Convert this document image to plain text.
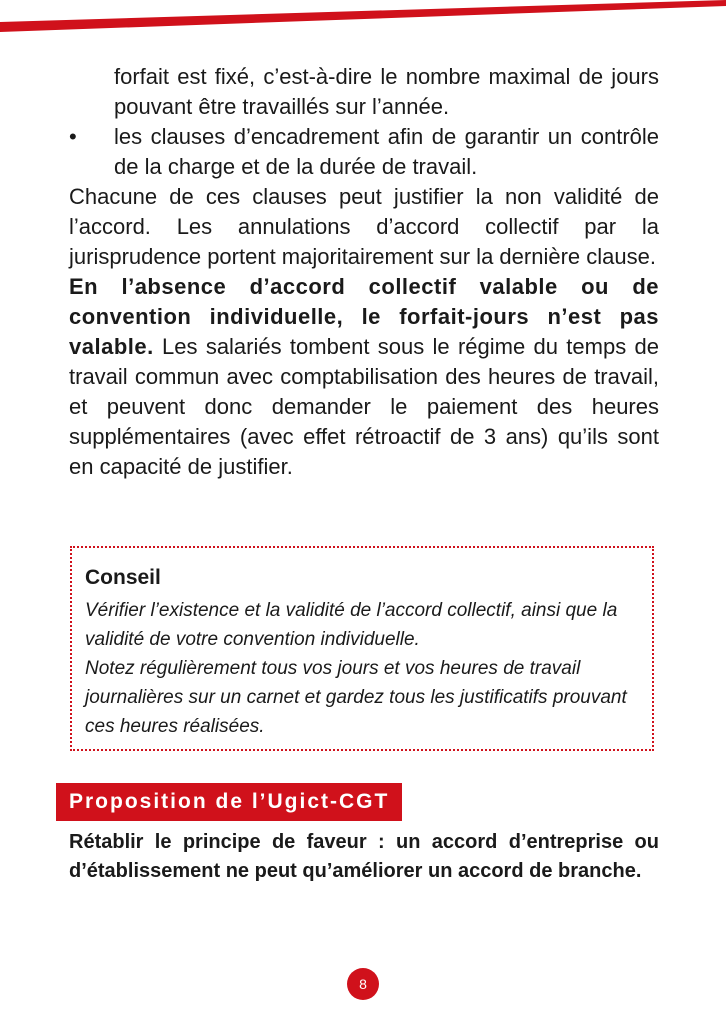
forfait est fixé, c’est-à-dire le nombre maximal de jours pouvant être travaillés sur l’année.

•	les clauses d’encadrement afin de garantir un contrôle de la charge et de la durée de travail.

Chacune de ces clauses peut justifier la non validité de l’accord. Les annulations d’accord collectif par la jurisprudence portent majoritairement sur la dernière clause.

En l’absence d’accord collectif valable ou de convention individuelle, le forfait-jours n’est pas valable. Les salariés tombent sous le régime du temps de travail commun avec comptabilisation des heures de travail, et peuvent donc demander le paiement des heures supplémentaires (avec effet rétroactif de 3 ans) qu’ils sont en capacité de justifier.

Conseil
Vérifier l’existence et la validité de l’accord collectif, ainsi que la validité de votre convention individuelle.
Notez régulièrement tous vos jours et vos heures de travail journalières sur un carnet et gardez tous les justificatifs prouvant ces heures réalisées.
Proposition de l’Ugict-CGT
Rétablir le principe de faveur : un accord d’entreprise ou d’établissement ne peut qu’améliorer un accord de branche.
8
